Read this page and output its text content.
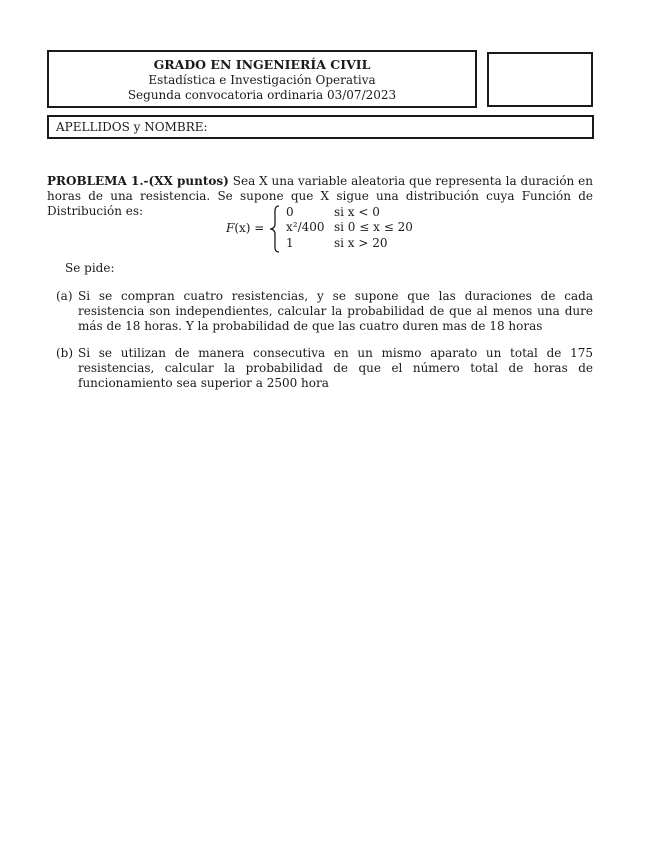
GRADO EN INGENIERÍA CIVIL
Estadística e Investigación Operativa
Segunda convocatoria ordinaria 03/07/2023
APELLIDOS y NOMBRE:
PROBLEMA 1.-(XX puntos) Sea X una variable aleatoria que representa la duración en horas de una resistencia. Se supone que X sigue una distribución cuya Función de Distribución es:
F(x) =
0	si x < 0
x²/400 si 0 ≤ x ≤ 20
1	si x > 20
Se pide:
(a) Si se compran cuatro resistencias, y se supone que las duraciones de cada resistencia son independientes, calcular la probabilidad de que al menos una dure más de 18 horas. Y la probabilidad de que las cuatro duren mas de 18 horas
(b) Si se utilizan de manera consecutiva en un mismo aparato un total de 175 resistencias, calcular la probabilidad de que el número total de horas de funcionamiento sea superior a 2500 hora
